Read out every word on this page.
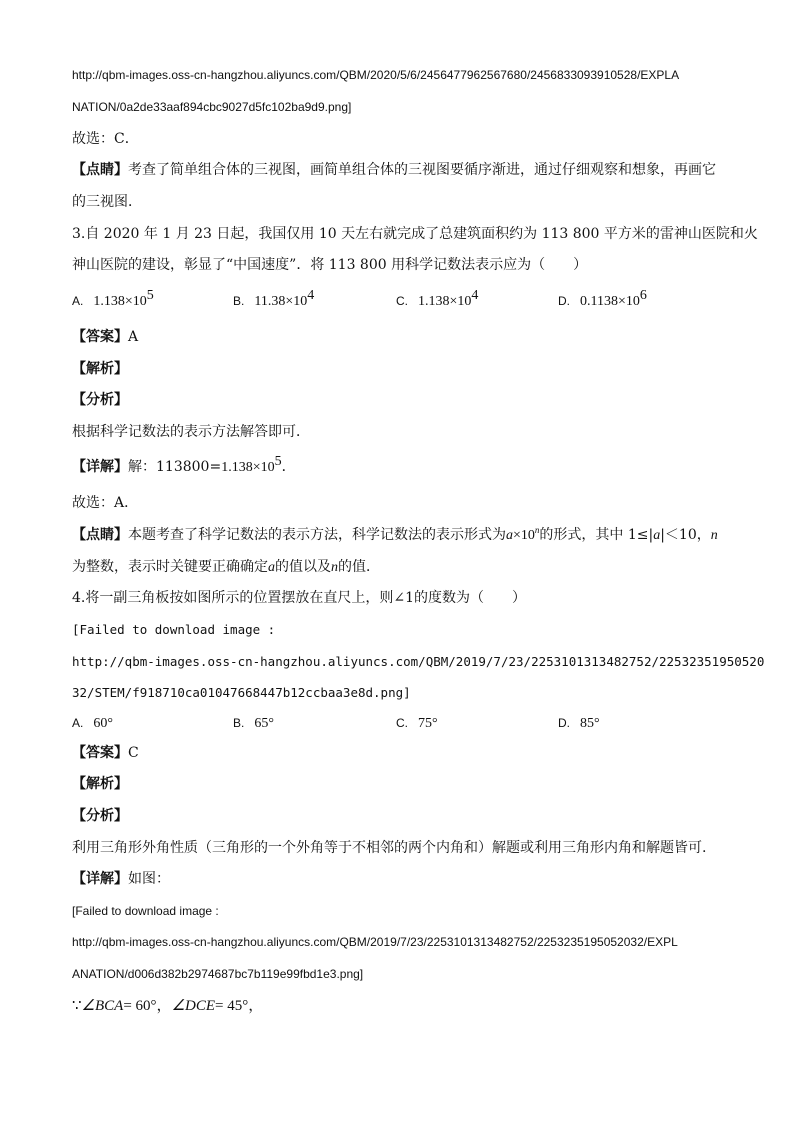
http://qbm-images.oss-cn-hangzhou.aliyuncs.com/QBM/2020/5/6/2456477962567680/2456833093910528/EXPLA
NATION/0a2de33aaf894cbc9027d5fc102ba9d9.png]
故选：C．
【点睛】考查了简单组合体的三视图，画简单组合体的三视图要循序渐进，通过仔细观察和想象，再画它
的三视图．
3.自 2020 年 1 月 23 日起，我国仅用 10 天左右就完成了总建筑面积约为 113 800 平方米的雷神山医院和火
神山医院的建设，彰显了“中国速度”．将 113 800 用科学记数法表示应为（　　）
A. $1.138\times 10^5$	B. $11.38\times 10^4$	C. $1.138\times 10^4$	D. $0.1138\times 10^6$
【答案】A
【解析】
【分析】
根据科学记数法的表示方法解答即可．
【详解】解：$113800=1.138\times 10^5$．
故选：A．
【点睛】本题考查了科学记数法的表示方法，科学记数法的表示形式为$a\times 10^n$的形式，其中 1≤|a|＜10，n
为整数，表示时关键要正确确定a的值以及n的值．
4.将一副三角板按如图所示的位置摆放在直尺上，则∠1的度数为（　　）
[Failed to download image :
http://qbm-images.oss-cn-hangzhou.aliyuncs.com/QBM/2019/7/23/2253101313482752/22532351950520
32/STEM/f918710ca01047668447b12ccbaa3e8d.png]
A. 60°	B. 65°	C. 75°	D. 85°
【答案】C
【解析】
【分析】
利用三角形外角性质（三角形的一个外角等于不相邻的两个内角和）解题或利用三角形内角和解题皆可.
【详解】如图：
[Failed to download image :
http://qbm-images.oss-cn-hangzhou.aliyuncs.com/QBM/2019/7/23/2253101313482752/2253235195052032/EXPL
ANATION/d006d382b2974687bc7b119e99fbd1e3.png]
∵∠BCA= 60°，∠DCE= 45°，
